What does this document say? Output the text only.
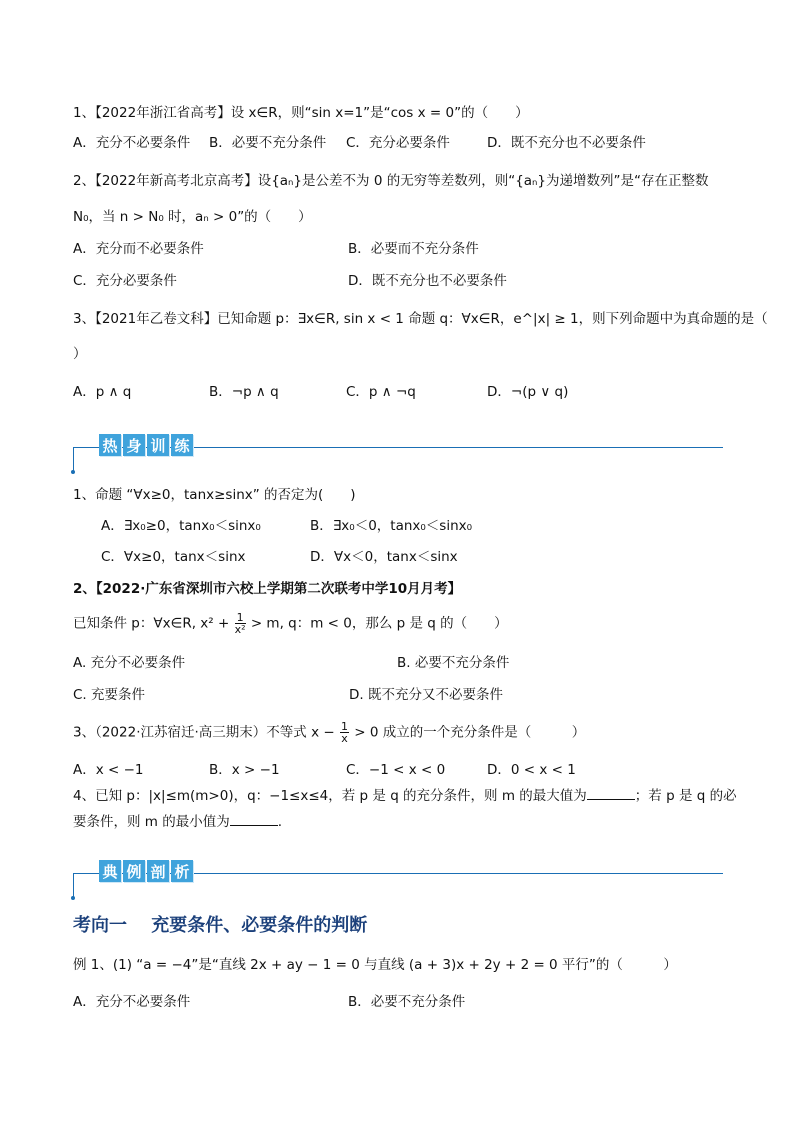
1、【2022年浙江省高考】设 x∈R，则“sin x=1”是“cos x = 0”的（　　）
A．充分不必要条件 B．必要不充分条件 C．充分必要条件	D．既不充分也不必要条件
2、【2022年新高考北京高考】设{aₙ}是公差不为 0 的无穷等差数列，则“{aₙ}为递增数列”是“存在正整数
N₀，当 n > N₀ 时，aₙ > 0”的（　　）
A．充分而不必要条件	B．必要而不充分条件
C．充分必要条件	D．既不充分也不必要条件
3、【2021年乙卷文科】已知命题 p：∃x∈R, sin x < 1 命题 q：∀x∈R，e^|x| ≥ 1，则下列命题中为真命题的是（
）
A．p ∧ q	B．¬p ∧ q	C．p ∧ ¬q	D．¬(p ∨ q)
热 身 训 练
1、命题 “∀x≥0，tanx≥sinx” 的否定为(　　)
A．∃x₀≥0，tanx₀＜sinx₀	B．∃x₀＜0，tanx₀＜sinx₀
C．∀x≥0，tanx＜sinx	D．∀x＜0，tanx＜sinx
2、【2022·广东省深圳市六校上学期第二次联考中学10月月考】
已知条件 p：∀x∈R, $x^2 + \frac{1}{\text{x²}} > m$, q：m < 0，那么 p 是 q 的（　　）
A. 充分不必要条件	B. 必要不充分条件
C. 充要条件	D. 既不充分又不必要条件
3、（2022·江苏宿迁·高三期末）不等式 $x - \frac{1}{x} > 0$ 成立的一个充分条件是（　　　）
A．x < −1	B．x > −1	C．−1 < x < 0	D．0 < x < 1
4、已知 p：|x|≤m(m>0)，q：−1≤x≤4，若 p 是 q 的充分条件，则 m 的最大值为	；若 p 是 q 的必
要条件，则 m 的最小值为	.
典 例 剖 析
考向一　 充要条件、必要条件的判断
例 1、(1) “a = −4”是“直线 2x + ay − 1 = 0 与直线 (a + 3)x + 2y + 2 = 0 平行”的（　　　）
A．充分不必要条件	B．必要不充分条件
